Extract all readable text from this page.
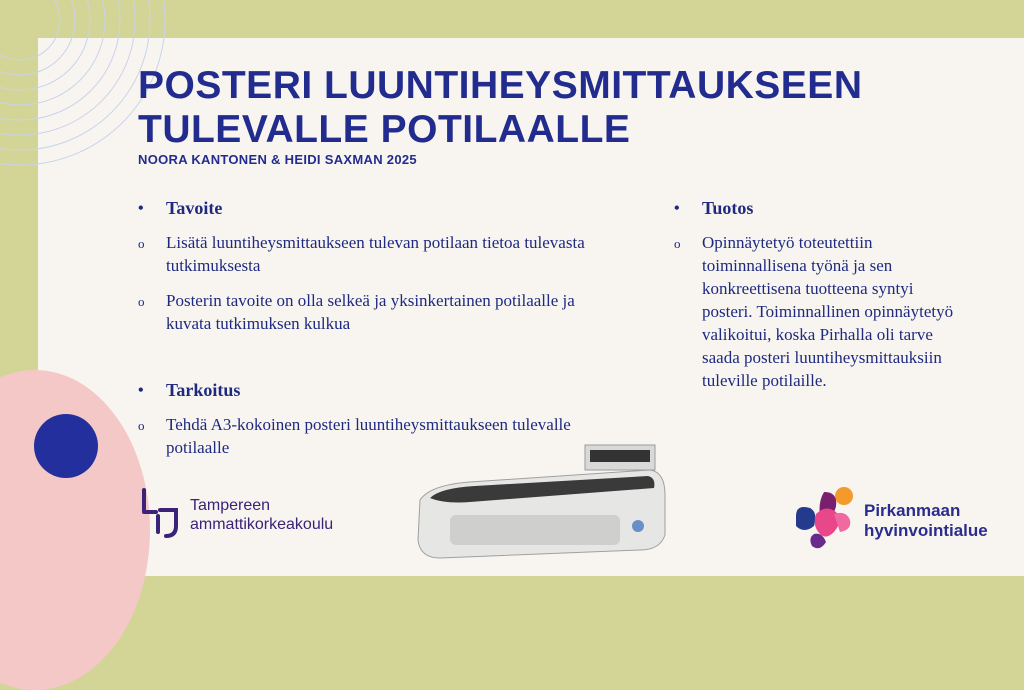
POSTERI LUUNTIHEYSMITTAUKSEEN TULEVALLE POTILAALLE
NOORA KANTONEN & HEIDI SAXMAN 2025
•	Tavoite
o	Lisätä luuntiheysmittaukseen tulevan potilaan tietoa tulevasta tutkimuksesta
o	Posterin tavoite on olla selkeä ja yksinkertainen potilaalle ja kuvata tutkimuksen kulkua
•	Tarkoitus
o	Tehdä A3-kokoinen posteri luuntiheysmittaukseen tulevalle potilaalle
•	Tuotos
o	Opinnäytetyö toteutettiin toiminnallisena työnä ja sen konkreettisena tuotteena syntyi posteri. Toiminnallinen opinnäytetyö valikoitui, koska Pirhalla oli tarve saada posteri luuntiheysmittauksiin tuleville potilaille.
Tampereen
ammattikorkeakoulu
Pirkanmaan
hyvinvointialue
